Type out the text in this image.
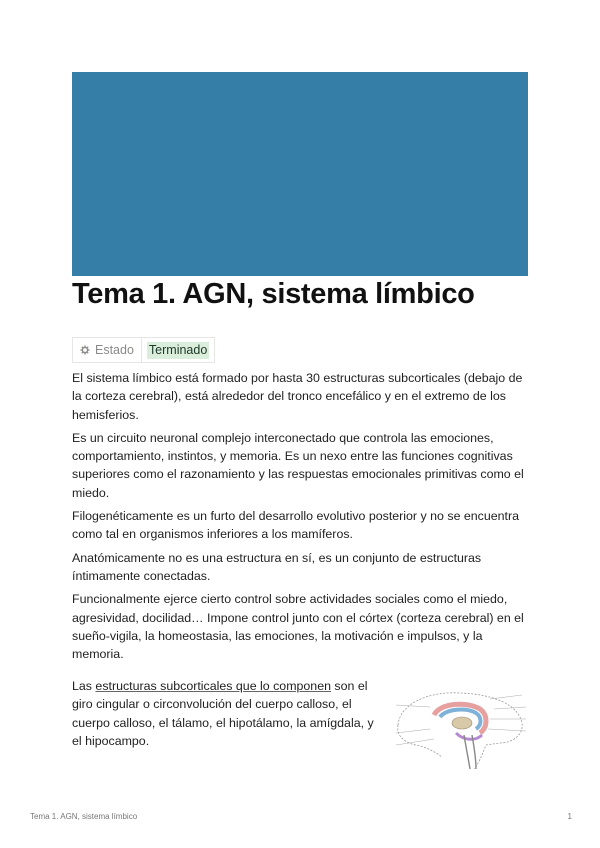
Tema 1. AGN, sistema límbico
Estado Terminado

El sistema límbico está formado por hasta 30 estructuras subcorticales (debajo de la corteza cerebral), está alrededor del tronco encefálico y en el extremo de los hemisferios.

Es un circuito neuronal complejo interconectado que controla las emociones, comportamiento, instintos, y memoria. Es un nexo entre las funciones cognitivas superiores como el razonamiento y las respuestas emocionales primitivas como el miedo.

Filogenéticamente es un furto del desarrollo evolutivo posterior y no se encuentra como tal en organismos inferiores a los mamíferos.

Anatómicamente no es una estructura en sí, es un conjunto de estructuras íntimamente conectadas.

Funcionalmente ejerce cierto control sobre actividades sociales como el miedo, agresividad, docilidad… Impone control junto con el córtex (corteza cerebral) en el sueño-vigila, la homeostasia, las emociones, la motivación e impulsos, y la memoria.

Las estructuras subcorticales que lo componen son el giro cingular o circonvolución del cuerpo calloso, el cuerpo calloso, el tálamo, el hipotálamo, la amígdala, y el hipocampo.

Tema 1. AGN, sistema límbico	1
